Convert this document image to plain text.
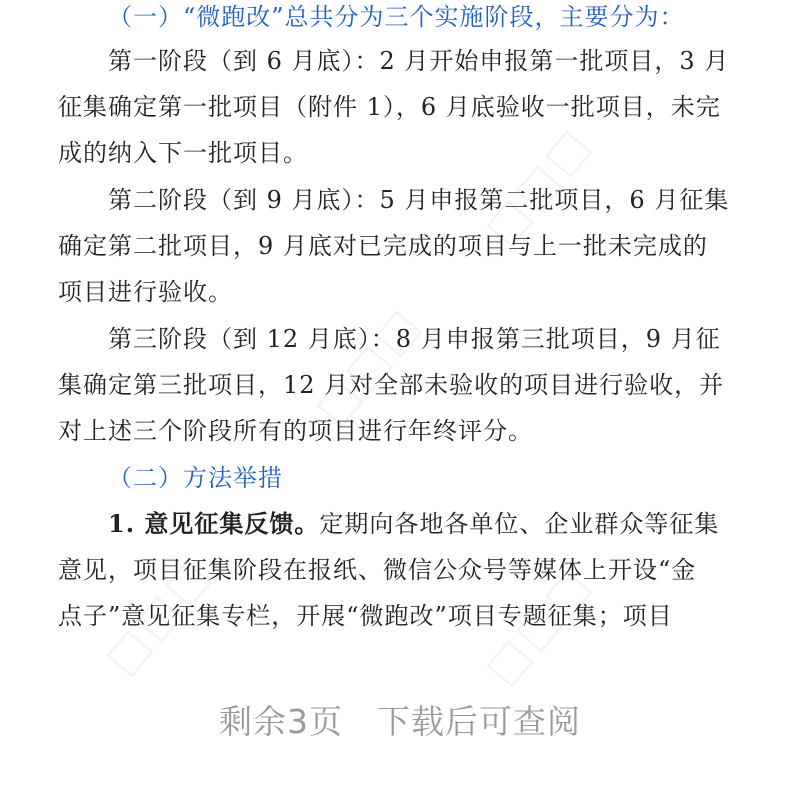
□□□
□□□
□□□	□□□
（一）“微跑改”总共分为三个实施阶段，主要分为：
第一阶段（到 6 月底）：2 月开始申报第一批项目，3 月
征集确定第一批项目（附件 1），6 月底验收一批项目，未完
成的纳入下一批项目。
第二阶段（到 9 月底）：5 月申报第二批项目，6 月征集
确定第二批项目，9 月底对已完成的项目与上一批未完成的
项目进行验收。
第三阶段（到 12 月底）：8 月申报第三批项目，9 月征
集确定第三批项目，12 月对全部未验收的项目进行验收，并
对上述三个阶段所有的项目进行年终评分。
（二）方法举措
1. 意见征集反馈。定期向各地各单位、企业群众等征集
意见，项目征集阶段在报纸、微信公众号等媒体上开设“金
点子”意见征集专栏，开展“微跑改”项目专题征集；项目
剩余3页 下载后可查阅
